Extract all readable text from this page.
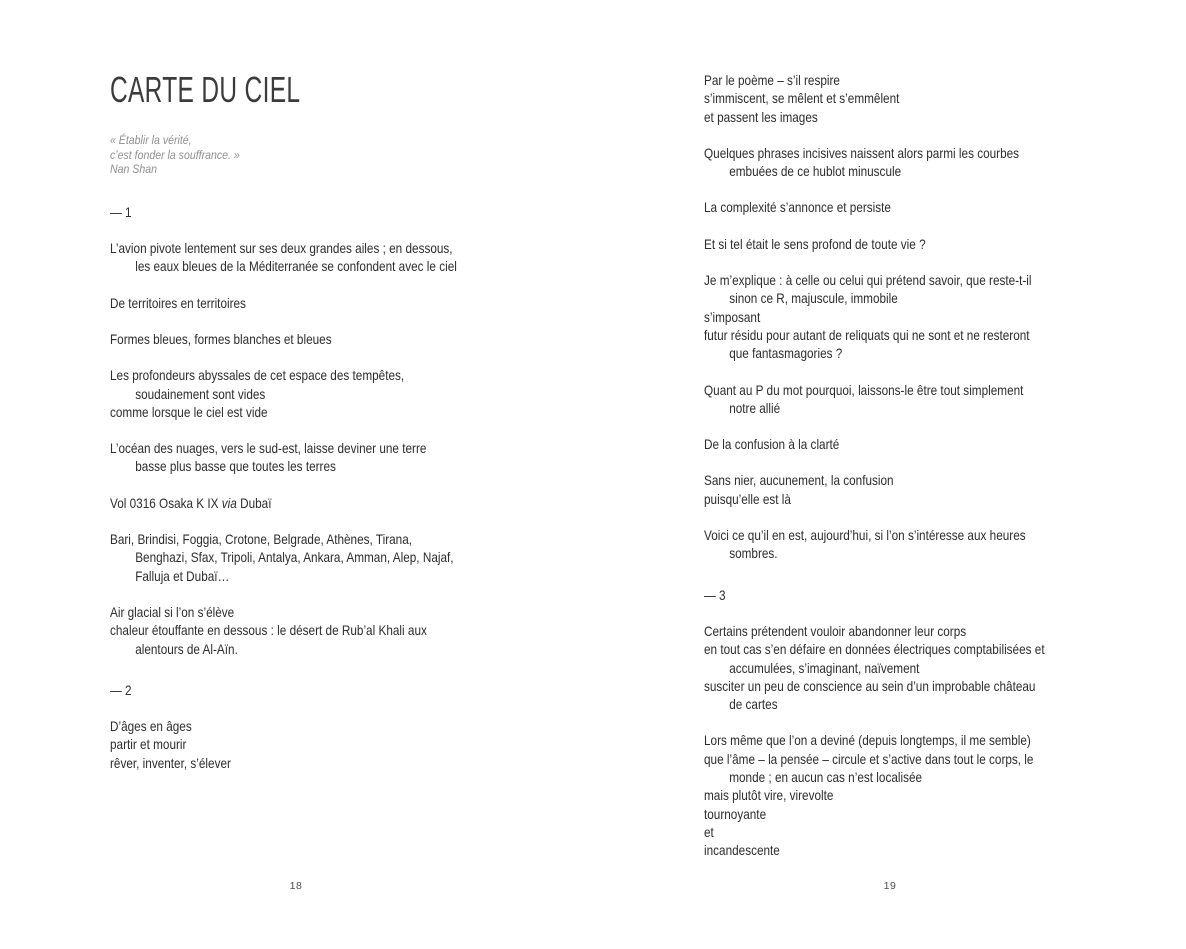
CARTE DU CIEL
« Établir la vérité,
c’est fonder la souffrance. »
Nan Shan
— 1
L’avion pivote lentement sur ses deux grandes ailes ; en dessous,
les eaux bleues de la Méditerranée se confondent avec le ciel
De territoires en territoires
Formes bleues, formes blanches et bleues
Les profondeurs abyssales de cet espace des tempêtes,
soudainement sont vides
comme lorsque le ciel est vide
L’océan des nuages, vers le sud-est, laisse deviner une terre
basse plus basse que toutes les terres
Vol 0316 Osaka K IX via Dubaï
Bari, Brindisi, Foggia, Crotone, Belgrade, Athènes, Tirana,
Benghazi, Sfax, Tripoli, Antalya, Ankara, Amman, Alep, Najaf,
Falluja et Dubaï…
Air glacial si l’on s’élève
chaleur étouffante en dessous : le désert de Rub’al Khali aux
alentours de Al-Aïn.
— 2
D’âges en âges
partir et mourir
rêver, inventer, s’élever
18
Par le poème – s’il respire
s’immiscent, se mêlent et s’emmêlent
et passent les images
Quelques phrases incisives naissent alors parmi les courbes
embuées de ce hublot minuscule
La complexité s’annonce et persiste
Et si tel était le sens profond de toute vie ?
Je m’explique : à celle ou celui qui prétend savoir, que reste-t-il
sinon ce R, majuscule, immobile
s’imposant
futur résidu pour autant de reliquats qui ne sont et ne resteront
que fantasmagories ?
Quant au P du mot pourquoi, laissons-le être tout simplement
notre allié
De la confusion à la clarté
Sans nier, aucunement, la confusion
puisqu’elle est là
Voici ce qu’il en est, aujourd’hui, si l’on s’intéresse aux heures
sombres.
— 3
Certains prétendent vouloir abandonner leur corps
en tout cas s’en défaire en données électriques comptabilisées et
accumulées, s’imaginant, naïvement
susciter un peu de conscience au sein d’un improbable château
de cartes
Lors même que l’on a deviné (depuis longtemps, il me semble)
que l’âme – la pensée – circule et s’active dans tout le corps, le
monde ; en aucun cas n’est localisée
mais plutôt vire, virevolte
tournoyante
et
incandescente
19
